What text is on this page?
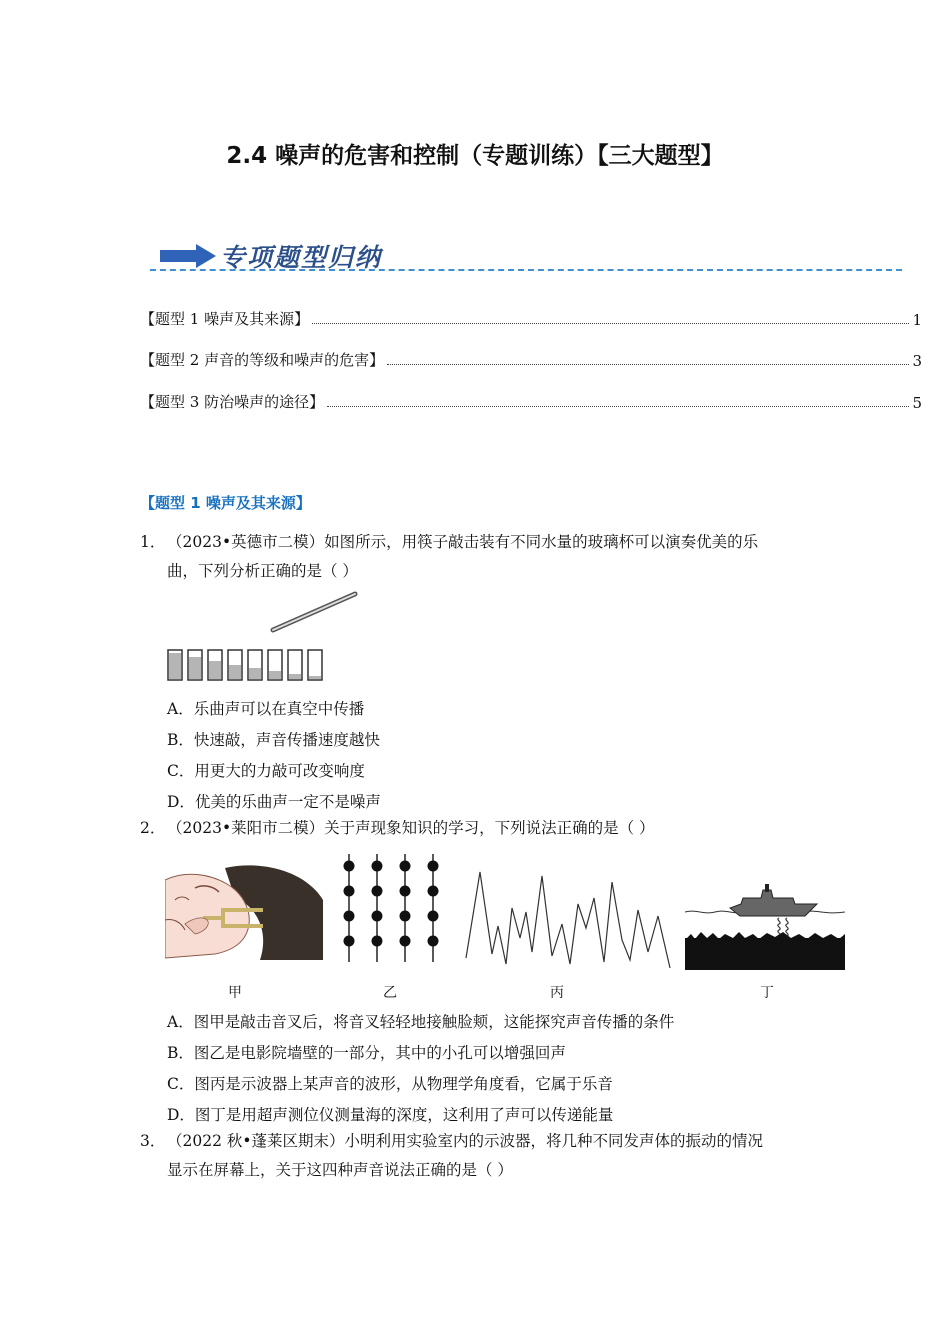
2.4 噪声的危害和控制（专题训练）【三大题型】
专项题型归纳
【题型 1 噪声及其来源】	1
【题型 2 声音的等级和噪声的危害】	3
【题型 3 防治噪声的途径】	5
【题型 1 噪声及其来源】
1． （2023•英德市二模）如图所示，用筷子敲击装有不同水量的玻璃杯可以演奏优美的乐
曲，下列分析正确的是（ ）
A．乐曲声可以在真空中传播
B．快速敲，声音传播速度越快
C．用更大的力敲可改变响度
D．优美的乐曲声一定不是噪声
2． （2023•莱阳市二模）关于声现象知识的学习，下列说法正确的是（ ）
甲	乙	丙	丁
A．图甲是敲击音叉后，将音叉轻轻地接触脸颊，这能探究声音传播的条件
B．图乙是电影院墙壁的一部分，其中的小孔可以增强回声
C．图丙是示波器上某声音的波形，从物理学角度看，它属于乐音
D．图丁是用超声测位仪测量海的深度，这利用了声可以传递能量
3． （2022 秋•蓬莱区期末）小明利用实验室内的示波器，将几种不同发声体的振动的情况
显示在屏幕上，关于这四种声音说法正确的是（ ）
